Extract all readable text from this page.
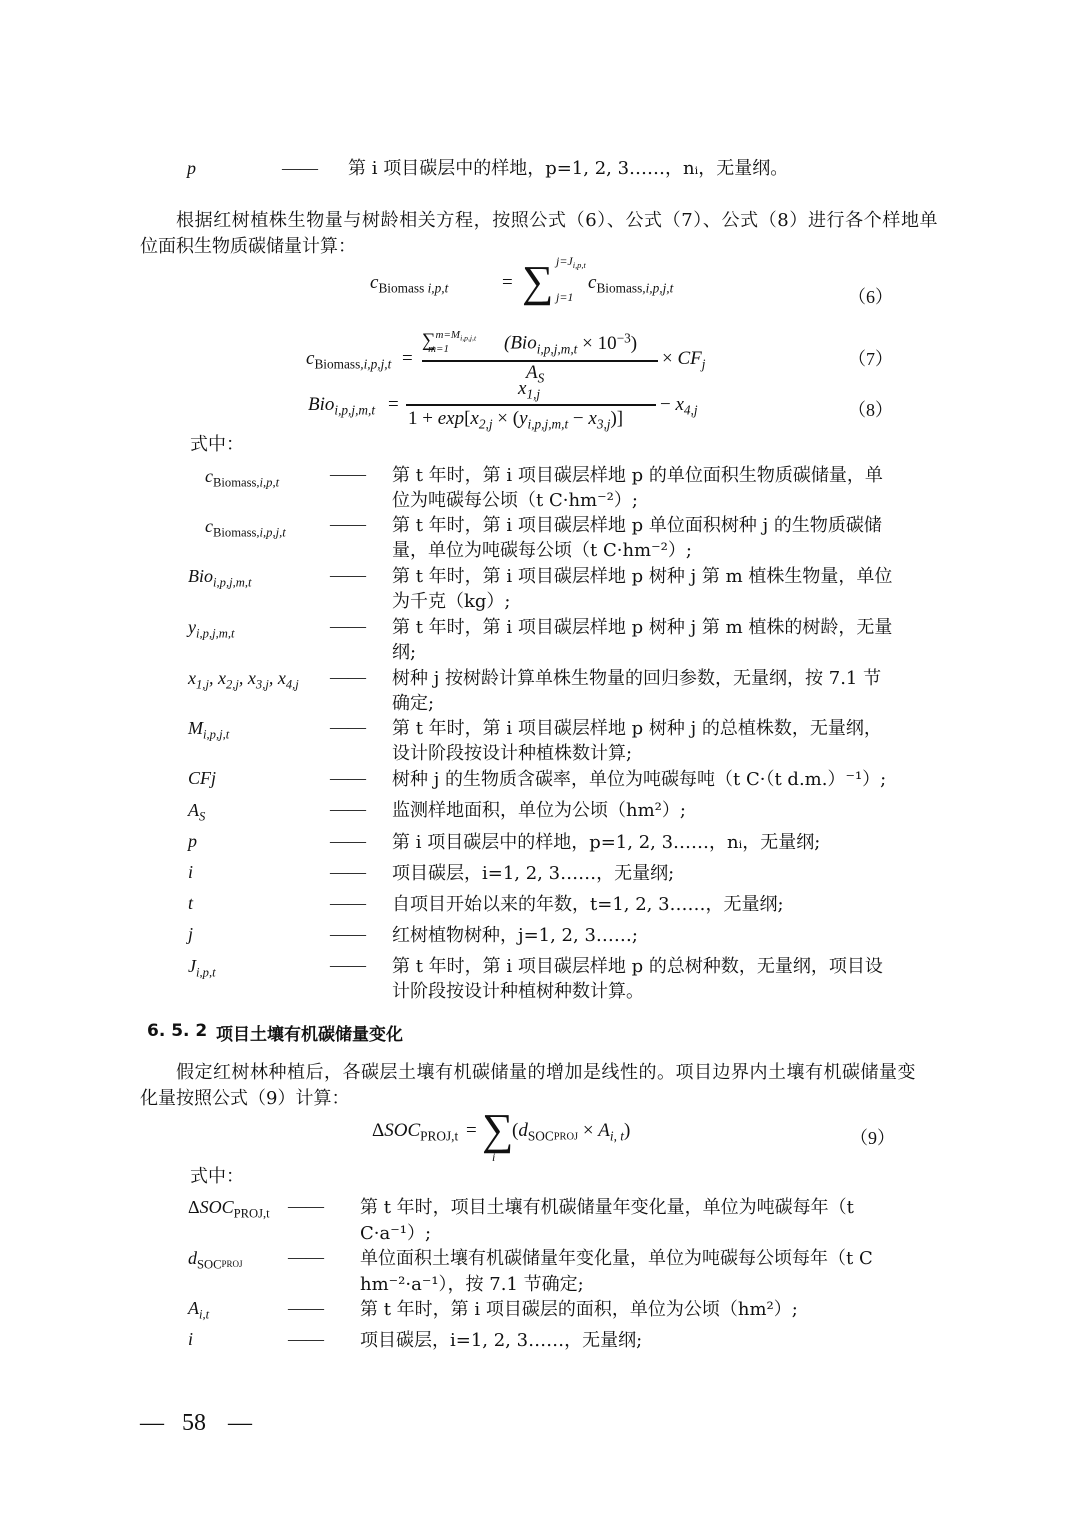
p	—— 第 i 项目碳层中的样地，p=1, 2, 3……，nᵢ，无量纲。
根据红树植株生物量与树龄相关方程，按照公式（6）、公式（7）、公式（8）进行各个样地单
位面积生物质碳储量计算：
$c_{Biomass}$ $_{i,p,t}$	= ∑ $j=J_{i,p,t}$
j=1
$c_{Biomass,i,p,j,t}$	（6）
$c_{Biomass,i,p,j,t}$ =
∑$^{m=M_{i,p,j,t}}_{m=1}$	$(Bio_{i,p,j,m,t} \times 10^{-3})$
$A_S$
× $CF_j$	（7）
Bio$_{i,p,j,m,t}$ =
$x_{1,j}$
$1 + \exp[x_{2,j} \times (y_{i,p,j,m,t} - x_{3,j})]$
− $x_{4,j}$	（8）
式中：
$c_{Biomass,i,p,t}$	—— 第 t 年时，第 i 项目碳层样地 p 的单位面积生物质碳储量，单
位为吨碳每公顷（t C·hm⁻²）;
$c_{Biomass,i,p,j,t}$ —— 第 t 年时，第 i 项目碳层样地 p 单位面积树种 j 的生物质碳储
量，单位为吨碳每公顷（t C·hm⁻²）;
Bio$_{i,p,j,m,t}$	—— 第 t 年时，第 i 项目碳层样地 p 树种 j 第 m 植株生物量，单位
为千克（kg）;
$y_{i,p,j,m,t}$	—— 第 t 年时，第 i 项目碳层样地 p 树种 j 第 m 植株的树龄，无量
纲;
$x_{1,j}$, $x_{2,j}$, $x_{3,j}$, $x_{4,j}$ —— 树种 j 按树龄计算单株生物量的回归参数，无量纲，按 7.1 节
确定;
$M_{i,p,j,t}$	—— 第 t 年时，第 i 项目碳层样地 p 树种 j 的总植株数，无量纲，
设计阶段按设计种植株数计算;
CFj	—— 树种 j 的生物质含碳率，单位为吨碳每吨（t C·（t d.m.）⁻¹）;
$A_S$	—— 监测样地面积，单位为公顷（hm²）;
p	—— 第 i 项目碳层中的样地，p=1, 2, 3……，nᵢ，无量纲;
i	—— 项目碳层，i=1, 2, 3……，无量纲;
t	—— 自项目开始以来的年数，t=1, 2, 3……，无量纲;
j	—— 红树植物树种，j=1, 2, 3……;
$J_{i,p,t}$	—— 第 t 年时，第 i 项目碳层样地 p 的总树种数，无量纲，项目设
计阶段按设计种植树种数计算。
6. 5. 2 项目土壤有机碳储量变化
假定红树林种植后，各碳层土壤有机碳储量的增加是线性的。项目边界内土壤有机碳储量变
化量按照公式（9）计算：
$\Delta SOC_{PROJ,t}$ = ∑
i
$(d_{SOCPROJ} \times A_{i, t})$	（9）
式中：
$\Delta SOC_{PROJ,t}$ —— 第 t 年时，项目土壤有机碳储量年变化量，单位为吨碳每年（t
C·a⁻¹）;
$d_{SOCPROJ}$	—— 单位面积土壤有机碳储量年变化量，单位为吨碳每公顷每年（t C
hm⁻²·a⁻¹），按 7.1 节确定;
$A_{i,t}$	—— 第 t 年时，第 i 项目碳层的面积，单位为公顷（hm²）;
i	—— 项目碳层，i=1, 2, 3……，无量纲;
— 58 —
